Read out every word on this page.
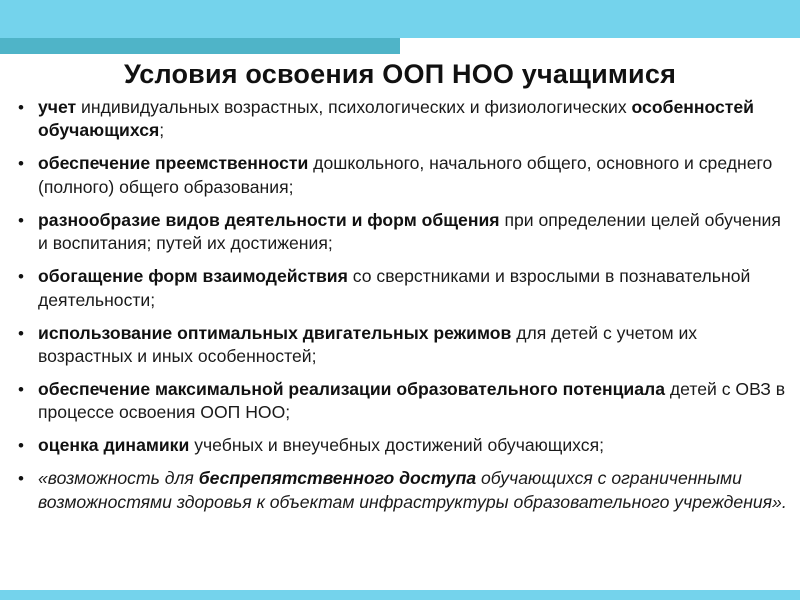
Условия освоения ООП НОО учащимися
• учет индивидуальных возрастных, психологических и физиологических особенностей обучающихся;
• обеспечение преемственности дошкольного, начального общего, основного и среднего (полного) общего образования;
• разнообразие видов деятельности и форм общения при определении целей обучения и воспитания; путей их достижения;
• обогащение форм взаимодействия со сверстниками и взрослыми в познавательной деятельности;
• использование оптимальных двигательных режимов для детей с учетом их возрастных и иных особенностей;
• обеспечение максимальной реализации образовательного потенциала детей с ОВЗ в процессе освоения ООП НОО;
• оценка динамики учебных и внеучебных достижений обучающихся;
• «возможность для беспрепятственного доступа обучающихся с ограниченными возможностями здоровья к объектам инфраструктуры образовательного учреждения».
